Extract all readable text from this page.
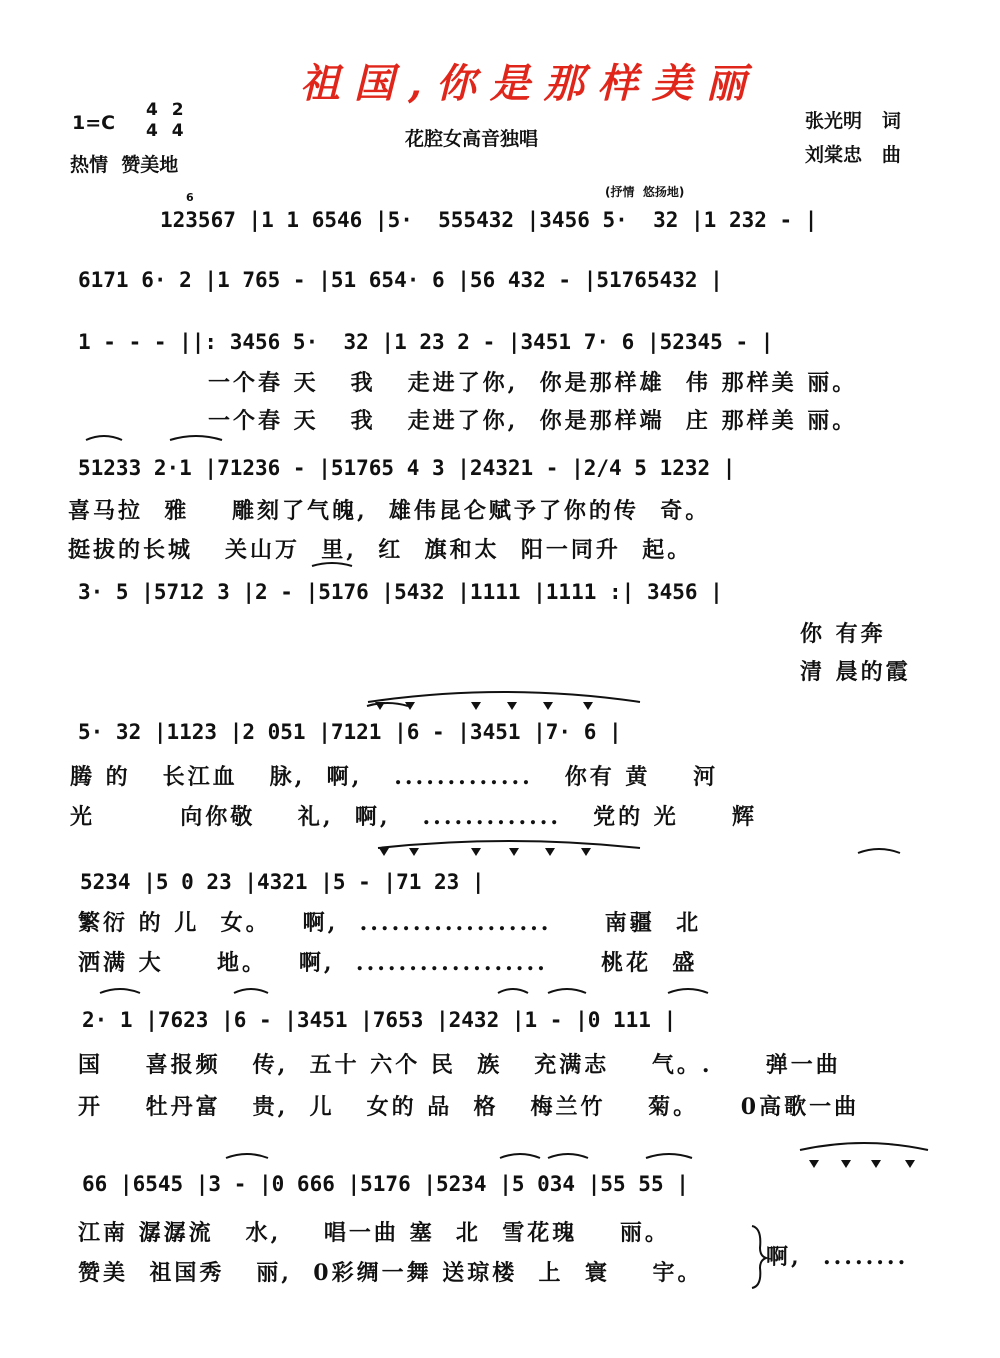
祖国,你是那样美丽
1=C
4 2
4 4
热情  赞美地
花腔女高音独唱
张光明   词
刘棠忠   曲
(抒情  悠扬地)
6
123567 |1 1 6546 |5·  555432 |3456 5·  32 |1 232 - |
6171 6· 2 |1 765 - |51 654· 6 |56 432 - |51765432 |
1 - - - ||: 3456 5·  32 |1 23 2 - |3451 7· 6 |52345 - |
一个春 天   我   走进了你,  你是那样雄  伟 那样美 丽。
一个春 天   我   走进了你,  你是那样端  庄 那样美 丽。
51233 2·1 |71236 - |51765 4 3 |24321 - |2/4 5 1232 |
喜马拉  雅    雕刻了气魄,  雄伟昆仑赋予了你的传  奇。
挺拔的长城   关山万  里,  红  旗和太  阳一同升  起。
3· 5 |5712 3 |2 - |5176 |5432 |1111 |1111 :| 3456 |
你 有奔
清 晨的霞
5· 32 |1123 |2 051 |7121 |6 - |3451 |7· 6 |
腾 的   长江血   脉,  啊,   .............   你有 黄    河
光        向你敬    礼,  啊,   .............   党的 光     辉
5234 |5 0 23 |4321 |5 - |71 23 |
繁衍 的 儿  女。   啊,  ..................     南疆  北
洒满 大     地。   啊,  ..................     桃花  盛
2· 1 |7623 |6 - |3451 |7653 |2432 |1 - |0 111 |
国    喜报频   传,  五十 六个 民  族   充满志    气。.     弹一曲
开    牡丹富   贵,  儿   女的 品  格   梅兰竹    菊。    0高歌一曲
66 |6545 |3 - |0 666 |5176 |5234 |5 034 |55 55 |
江南 潺潺流   水,    唱一曲 塞  北  雪花瑰    丽。
赞美  祖国秀   丽,  0彩绸一舞 送琼楼  上  寰    宇。
啊,  ........
